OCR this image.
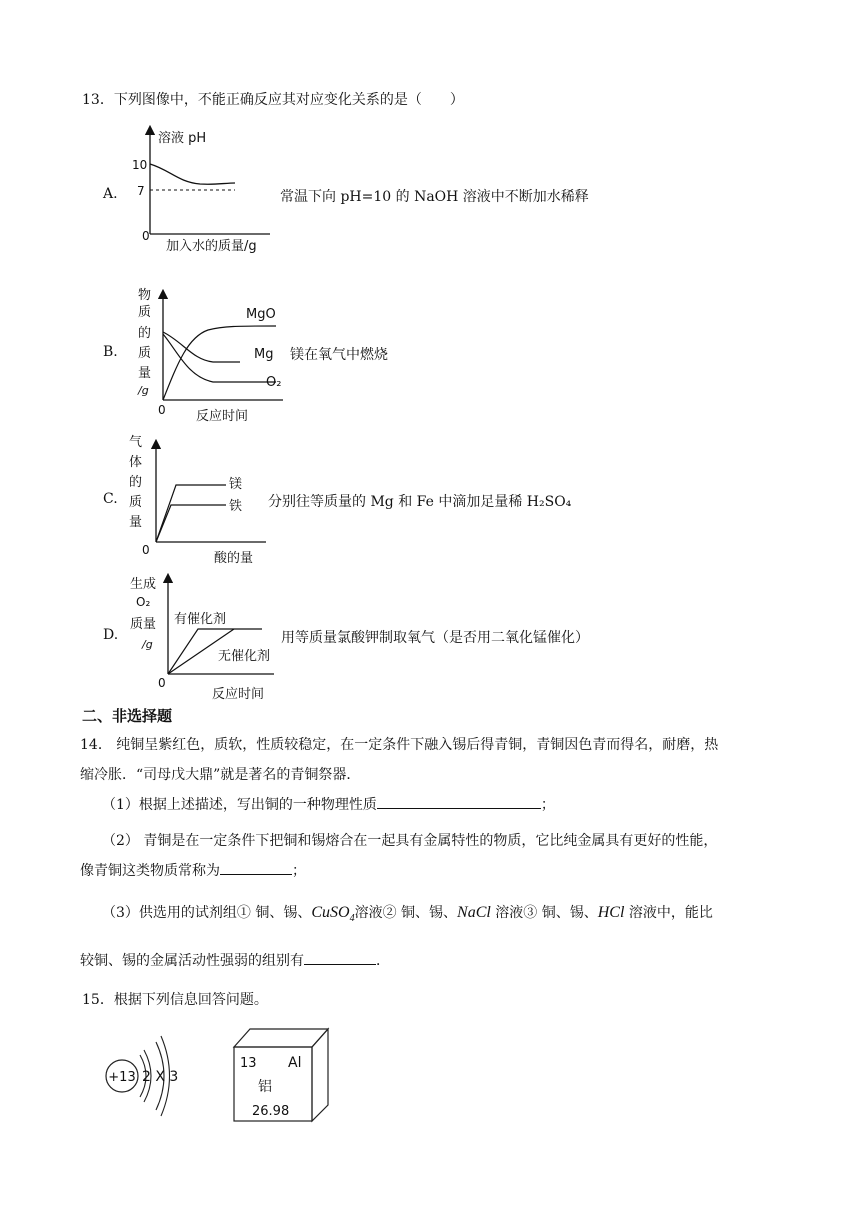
13．下列图像中，不能正确反应其对应变化关系的是（　　）
A.
溶液 pH
10
7
0
加入水的质量/g
常温下向 pH=10 的 NaOH 溶液中不断加水稀释
B.
物
质
的
质
量
/g
0
MgO
Mg
O₂
反应时间
镁在氧气中燃烧
C.
气
体
的
质
量
0
镁
铁
酸的量
分别往等质量的 Mg 和 Fe 中滴加足量稀 H₂SO₄
D.
生成
O₂
质量
/g
0
有催化剂
无催化剂
反应时间
用等质量氯酸钾制取氧气（是否用二氧化锰催化）
二、非选择题
14． 纯铜呈紫红色，质软，性质较稳定，在一定条件下融入锡后得青铜，青铜因色青而得名，耐磨，热
缩冷胀．“司母戊大鼎”就是著名的青铜祭器．
（1）根据上述描述，写出铜的一种物理性质	；
（2） 青铜是在一定条件下把铜和锡熔合在一起具有金属特性的物质，它比纯金属具有更好的性能，
像青铜这类物质常称为	；
（3）供选用的试剂组① 铜、锡、CuSO$_4$溶液② 铜、锡、NaCl 溶液③ 铜、锡、HCl 溶液中，能比
较铜、锡的金属活动性强弱的组别有	．
15．根据下列信息回答问题。
+13 2 X 3
13 Al
铝
26.98
